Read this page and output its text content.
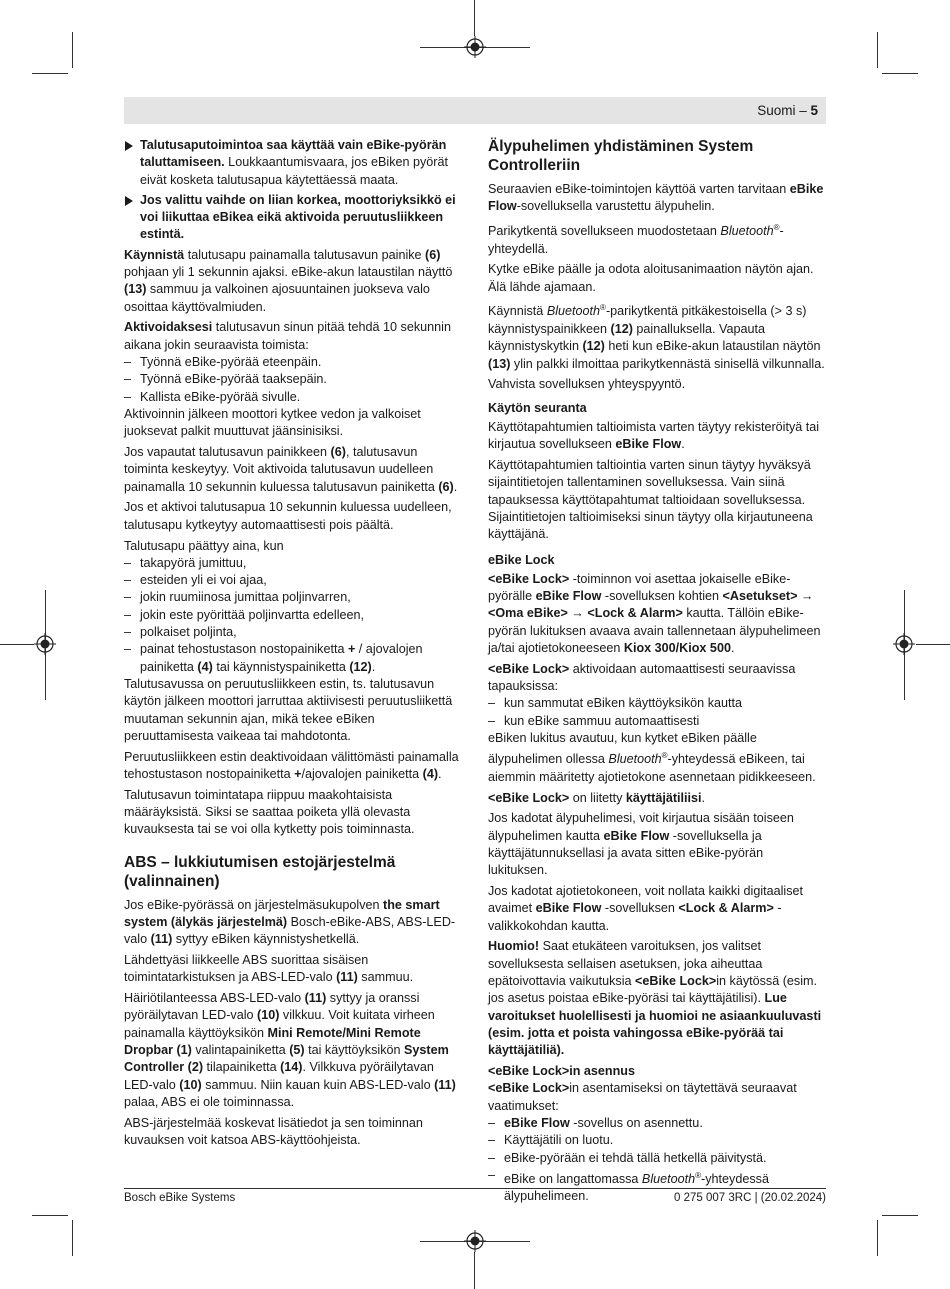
Suomi – 5
Talutusaputoimintoa saa käyttää vain eBike-pyörän taluttamiseen. Loukkaantumisvaara, jos eBiken pyörät eivät kosketa talutusapua käytettäessä maata.
Jos valittu vaihde on liian korkea, moottoriyksikkö ei voi liikuttaa eBikea eikä aktivoida peruutusliikkeen estintä.

Käynnistä talutusapu painamalla talutusavun painike (6) pohjaan yli 1 sekunnin ajaksi. eBike-akun lataustilan näyttö (13) sammuu ja valkoinen ajosuuntainen juokseva valo osoittaa käyttövalmiuden.

Aktivoidaksesi talutusavun sinun pitää tehdä 10 sekunnin aikana jokin seuraavista toimista:

– Työnnä eBike-pyörää eteenpäin.
– Työnnä eBike-pyörää taaksepäin.
– Kallista eBike-pyörää sivulle.

Aktivoinnin jälkeen moottori kytkee vedon ja valkoiset juoksevat palkit muuttuvat jäänsinisiksi.

Jos vapautat talutusavun painikkeen (6), talutusavun toiminta keskeytyy. Voit aktivoida talutusavun uudelleen painamalla 10 sekunnin kuluessa talutusavun painiketta (6).

Jos et aktivoi talutusapua 10 sekunnin kuluessa uudelleen, talutusapu kytkeytyy automaattisesti pois päältä.

Talutusapu päättyy aina, kun

– takapyörä jumittuu,
– esteiden yli ei voi ajaa,
– jokin ruumiinosa jumittaa poljinvarren,
– jokin este pyörittää poljinvartta edelleen,
– polkaiset poljinta,
– painat tehostustason nostopainiketta + / ajovalojen painiketta (4) tai käynnistyspainiketta (12).

Talutusavussa on peruutusliikkeen estin, ts. talutusavun käytön jälkeen moottori jarruttaa aktiivisesti peruutusliikettä muutaman sekunnin ajan, mikä tekee eBiken peruuttamisesta vaikeaa tai mahdotonta.

Peruutusliikkeen estin deaktivoidaan välittömästi painamalla tehostustason nostopainiketta +/ajovalojen painiketta (4).

Talutusavun toimintatapa riippuu maakohtaisista määräyksistä. Siksi se saattaa poiketa yllä olevasta kuvauksesta tai se voi olla kytketty pois toiminnasta.

ABS – lukkiutumisen estojärjestelmä (valinnainen)

Jos eBike-pyörässä on järjestelmäsukupolven the smart system (älykäs järjestelmä) Bosch-eBike-ABS, ABS-LED-valo (11) syttyy eBiken käynnistyshetkellä.

Lähdettyäsi liikkeelle ABS suorittaa sisäisen toimintatarkistuksen ja ABS-LED-valo (11) sammuu.

Häiriötilanteessa ABS-LED-valo (11) syttyy ja oranssi pyöräilytavan LED-valo (10) vilkkuu. Voit kuitata virheen painamalla käyttöyksikön Mini Remote/Mini Remote Dropbar (1) valintapainiketta (5) tai käyttöyksikön System Controller (2) tilapainiketta (14). Vilkkuva pyöräilytavan LED-valo (10) sammuu. Niin kauan kuin ABS-LED-valo (11) palaa, ABS ei ole toiminnassa.

ABS-järjestelmää koskevat lisätiedot ja sen toiminnan kuvauksen voit katsoa ABS-käyttöohjeista.

Älypuhelimen yhdistäminen System Controlleriin

Seuraavien eBike-toimintojen käyttöä varten tarvitaan eBike Flow-sovelluksella varustettu älypuhelin.

Parikytkentä sovellukseen muodostetaan Bluetooth®-yhteydellä.

Kytke eBike päälle ja odota aloitusanimaation näytön ajan. Älä lähde ajamaan.

Käynnistä Bluetooth®-parikytkentä pitkäkestoisella (> 3 s) käynnistyspainikkeen (12) painalluksella. Vapauta käynnistyskytkin (12) heti kun eBike-akun lataustilan näytön (13) ylin palkki ilmoittaa parikytkennästä sinisellä vilkunnalla.

Vahvista sovelluksen yhteyspyyntö.

Käytön seuranta

Käyttötapahtumien taltioimista varten täytyy rekisteröityä tai kirjautua sovellukseen eBike Flow.

Käyttötapahtumien taltiointia varten sinun täytyy hyväksyä sijaintitietojen tallentaminen sovelluksessa. Vain siinä tapauksessa käyttötapahtumat taltioidaan sovelluksessa. Sijaintitietojen taltioimiseksi sinun täytyy olla kirjautuneena käyttäjänä.

eBike Lock

<eBike Lock> -toiminnon voi asettaa jokaiselle eBike-pyörälle eBike Flow -sovelluksen kohtien <Asetukset> → <Oma eBike> → <Lock & Alarm> kautta. Tällöin eBike-pyörän lukituksen avaava avain tallennetaan älypuhelimeen ja/tai ajotietokoneeseen Kiox 300/Kiox 500.

<eBike Lock> aktivoidaan automaattisesti seuraavissa tapauksissa:

– kun sammutat eBiken käyttöyksikön kautta
– kun eBike sammuu automaattisesti

eBiken lukitus avautuu, kun kytket eBiken päälle älypuhelimen ollessa Bluetooth®-yhteydessä eBikeen, tai aiemmin määritetty ajotietokone asennetaan pidikkeeseen.

<eBike Lock> on liitetty käyttäjätiliisi.

Jos kadotat älypuhelimesi, voit kirjautua sisään toiseen älypuhelimen kautta eBike Flow -sovelluksella ja käyttäjätunnuksellasi ja avata sitten eBike-pyörän lukituksen.

Jos kadotat ajotietokoneen, voit nollata kaikki digitaaliset avaimet eBike Flow -sovelluksen <Lock & Alarm> -valikkokohdan kautta.

Huomio! Saat etukäteen varoituksen, jos valitset sovelluksesta sellaisen asetuksen, joka aiheuttaa epätoivottavia vaikutuksia <eBike Lock>in käytössä (esim. jos asetus poistaa eBike-pyöräsi tai käyttäjätilisi). Lue varoitukset huolellisesti ja huomioi ne asiaankuuluvasti (esim. jotta et poista vahingossa eBike-pyörää tai käyttäjätiliä).

<eBike Lock>in asennus

<eBike Lock>in asentamiseksi on täytettävä seuraavat vaatimukset:

– eBike Flow -sovellus on asennettu.
– Käyttäjätili on luotu.
– eBike-pyörään ei tehdä tällä hetkellä päivitystä.
– eBike on langattomassa Bluetooth®-yhteydessä älypuhelimeen.
Bosch eBike Systems	0 275 007 3RC | (20.02.2024)
